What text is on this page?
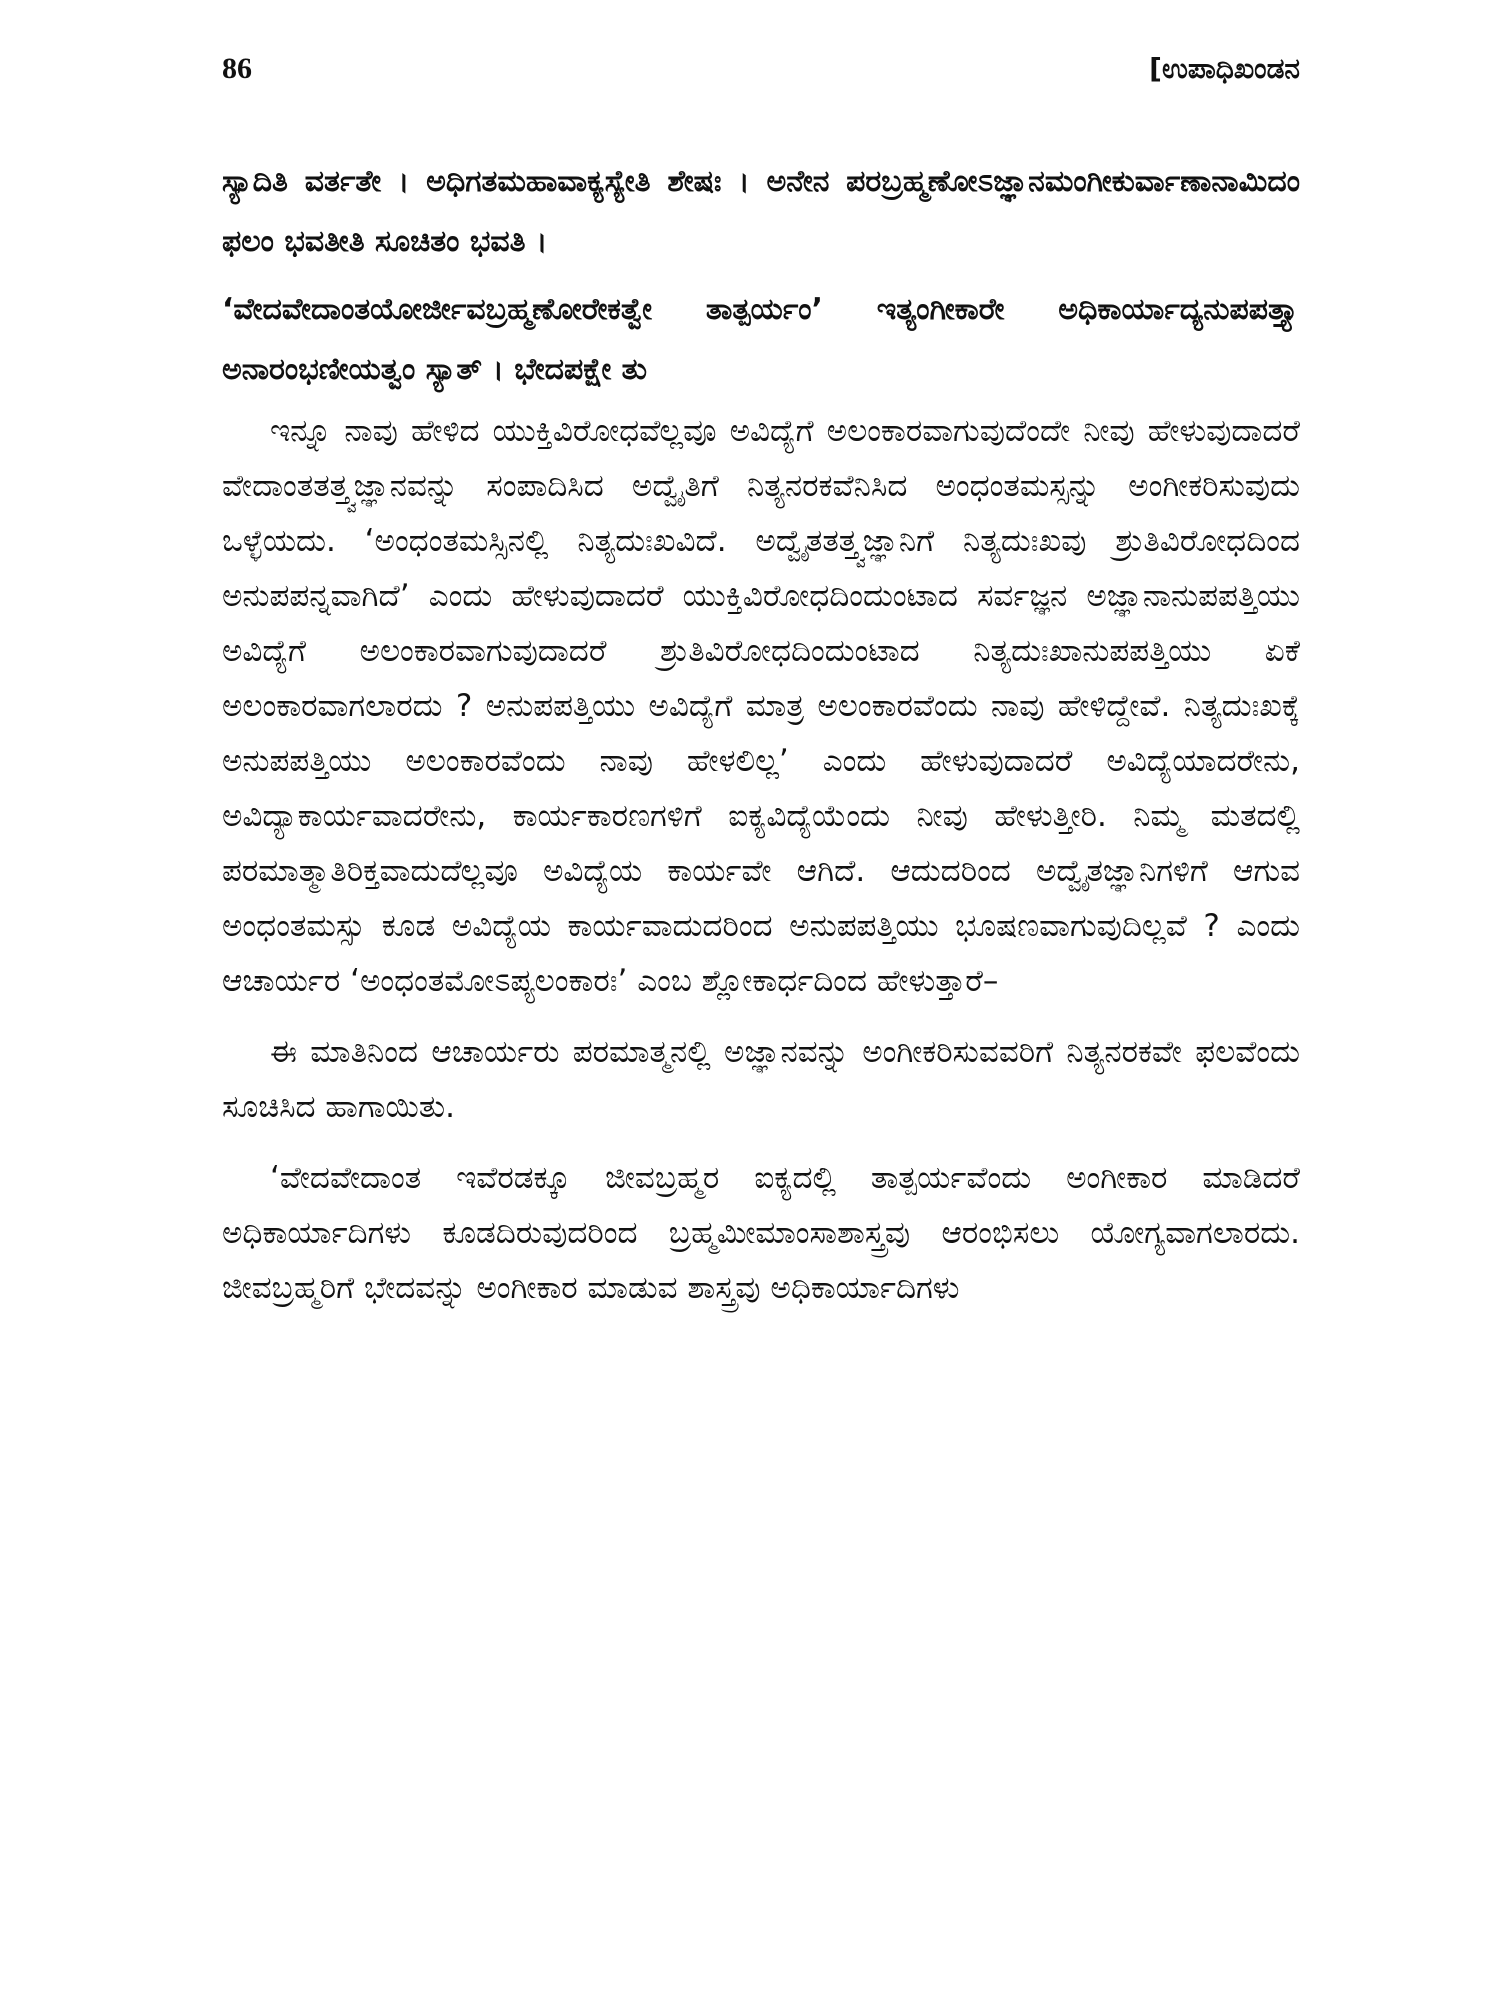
86	[ಉಪಾಧಿಖಂಡನ

ಸ್ಯಾದಿತಿ ವರ್ತತೇ । ಅಧಿಗತಮಹಾವಾಕ್ಯಸ್ಯೇತಿ ಶೇಷಃ । ಅನೇನ ಪರಬ್ರಹ್ಮಣೋಽಜ್ಞಾನಮಂಗೀಕುರ್ವಾಣಾನಾಮಿದಂ ಫಲಂ ಭವತೀತಿ ಸೂಚಿತಂ ಭವತಿ ।

‘ವೇದವೇದಾಂತಯೋರ್ಜೀವಬ್ರಹ್ಮಣೋರೇಕತ್ವೇ ತಾತ್ಪರ್ಯಂ’ ಇತ್ಯಂಗೀಕಾರೇ ಅಧಿಕಾರ್ಯಾದ್ಯನುಪಪತ್ತ್ಯಾ ಅನಾರಂಭಣೀಯತ್ವಂ ಸ್ಯಾತ್ । ಭೇದಪಕ್ಷೇ ತು

ಇನ್ನೂ ನಾವು ಹೇಳಿದ ಯುಕ್ತಿವಿರೋಧವೆಲ್ಲವೂ ಅವಿದ್ಯೆಗೆ ಅಲಂಕಾರವಾಗುವುದೆಂದೇ ನೀವು ಹೇಳುವುದಾದರೆ ವೇದಾಂತತತ್ತ್ವಜ್ಞಾನವನ್ನು ಸಂಪಾದಿಸಿದ ಅದ್ವೈತಿಗೆ ನಿತ್ಯನರಕವೆನಿಸಿದ ಅಂಧಂತಮಸ್ಸನ್ನು ಅಂಗೀಕರಿಸುವುದು ಒಳ್ಳೆಯದು. ‘ಅಂಧಂತಮಸ್ಸಿನಲ್ಲಿ ನಿತ್ಯದುಃಖವಿದೆ. ಅದ್ವೈತತತ್ತ್ವಜ್ಞಾನಿಗೆ ನಿತ್ಯದುಃಖವು ಶ್ರುತಿವಿರೋಧದಿಂದ ಅನುಪಪನ್ನವಾಗಿದೆ’ ಎಂದು ಹೇಳುವುದಾದರೆ ಯುಕ್ತಿವಿರೋಧದಿಂದುಂಟಾದ ಸರ್ವಜ್ಞನ ಅಜ್ಞಾನಾನುಪಪತ್ತಿಯು ಅವಿದ್ಯೆಗೆ ಅಲಂಕಾರವಾಗುವುದಾದರೆ ಶ್ರುತಿವಿರೋಧದಿಂದುಂಟಾದ ನಿತ್ಯದುಃಖಾನುಪಪತ್ತಿಯು ಏಕೆ ಅಲಂಕಾರವಾಗಲಾರದು ? ಅನುಪಪತ್ತಿಯು ಅವಿದ್ಯೆಗೆ ಮಾತ್ರ ಅಲಂಕಾರವೆಂದು ನಾವು ಹೇಳಿದ್ದೇವೆ. ನಿತ್ಯದುಃಖಕ್ಕೆ ಅನುಪಪತ್ತಿಯು ಅಲಂಕಾರವೆಂದು ನಾವು ಹೇಳಲಿಲ್ಲ’ ಎಂದು ಹೇಳುವುದಾದರೆ ಅವಿದ್ಯೆಯಾದರೇನು, ಅವಿದ್ಯಾಕಾರ್ಯವಾದರೇನು, ಕಾರ್ಯಕಾರಣಗಳಿಗೆ ಐಕ್ಯವಿದ್ಯೆಯೆಂದು ನೀವು ಹೇಳುತ್ತೀರಿ. ನಿಮ್ಮ ಮತದಲ್ಲಿ ಪರಮಾತ್ಮಾತಿರಿಕ್ತವಾದುದೆಲ್ಲವೂ ಅವಿದ್ಯೆಯ ಕಾರ್ಯವೇ ಆಗಿದೆ. ಆದುದರಿಂದ ಅದ್ವೈತಜ್ಞಾನಿಗಳಿಗೆ ಆಗುವ ಅಂಧಂತಮಸ್ಸು ಕೂಡ ಅವಿದ್ಯೆಯ ಕಾರ್ಯವಾದುದರಿಂದ ಅನುಪಪತ್ತಿಯು ಭೂಷಣವಾಗುವುದಿಲ್ಲವೆ ? ಎಂದು ಆಚಾರ್ಯರ ‘ಅಂಧಂತಮೋಽಪ್ಯಲಂಕಾರಃ’ ಎಂಬ ಶ್ಲೋಕಾರ್ಧದಿಂದ ಹೇಳುತ್ತಾರೆ–

ಈ ಮಾತಿನಿಂದ ಆಚಾರ್ಯರು ಪರಮಾತ್ಮನಲ್ಲಿ ಅಜ್ಞಾನವನ್ನು ಅಂಗೀಕರಿಸುವವರಿಗೆ ನಿತ್ಯನರಕವೇ ಫಲವೆಂದು ಸೂಚಿಸಿದ ಹಾಗಾಯಿತು.

‘ವೇದವೇದಾಂತ ಇವೆರಡಕ್ಕೂ ಜೀವಬ್ರಹ್ಮರ ಐಕ್ಯದಲ್ಲಿ ತಾತ್ಪರ್ಯವೆಂದು ಅಂಗೀಕಾರ ಮಾಡಿದರೆ ಅಧಿಕಾರ್ಯಾದಿಗಳು ಕೂಡದಿರುವುದರಿಂದ ಬ್ರಹ್ಮಮೀಮಾಂಸಾಶಾಸ್ತ್ರವು ಆರಂಭಿಸಲು ಯೋಗ್ಯವಾಗಲಾರದು. ಜೀವಬ್ರಹ್ಮರಿಗೆ ಭೇದವನ್ನು ಅಂಗೀಕಾರ ಮಾಡುವ ಶಾಸ್ತ್ರವು ಅಧಿಕಾರ್ಯಾದಿಗಳು
